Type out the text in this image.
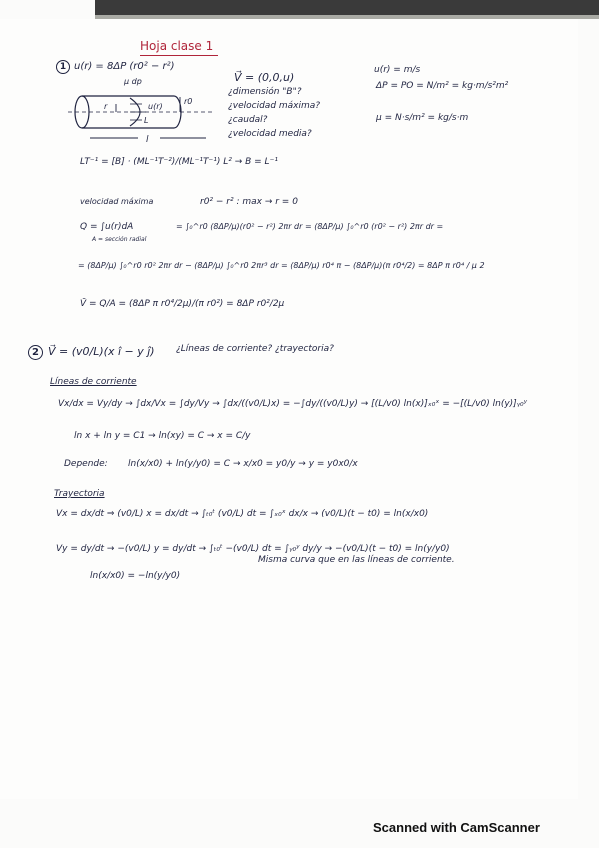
Hoja clase 1
1 u(r) = 8ΔP (r0² − r²)
μ dp
r	u(r)
r0
L
l
V⃗ = (0,0,u)
¿dimensión "B"?
¿velocidad máxima?
¿caudal?
¿velocidad media?
u(r) = m/s
ΔP = PO = N/m² = kg·m/s²m²
μ = N·s/m² = kg/s·m
LT⁻¹ = [B] · (ML⁻¹T⁻²)/(ML⁻¹T⁻¹) L² → B = L⁻¹
velocidad máxima	r0² − r² : max → r = 0
Q = ∫u(r)dA
A = sección radial
= ∫₀^r0 (8ΔP/μ)(r0² − r²) 2πr dr = (8ΔP/μ) ∫₀^r0 (r0² − r²) 2πr dr =
= (8ΔP/μ) ∫₀^r0 r0² 2πr dr − (8ΔP/μ) ∫₀^r0 2πr³ dr = (8ΔP/μ) r0⁴ π − (8ΔP/μ)(π r0⁴/2) = 8ΔP π r0⁴ / μ 2
V̄ = Q/A = (8ΔP π r0⁴/2μ)/(π r0²) = 8ΔP r0²/2μ
2 V⃗ = (v0/L)(x î − y ĵ) ¿Líneas de corriente? ¿trayectoria?
Líneas de corriente
Vx/dx = Vy/dy → ∫dx/Vx = ∫dy/Vy → ∫dx/((v0/L)x) = −∫dy/((v0/L)y) → [(L/v0) ln(x)]ₓ₀ˣ = −[(L/v0) ln(y)]ᵧ₀ʸ
ln x + ln y = C1 → ln(xy) = C → x = C/y
Depende: ln(x/x0) + ln(y/y0) = C → x/x0 = y0/y → y = y0x0/x
Trayectoria
Vx = dx/dt ⇒ (v0/L) x = dx/dt → ∫ₜ₀ᵗ (v0/L) dt = ∫ₓ₀ˣ dx/x → (v0/L)(t − t0) = ln(x/x0)
Vy = dy/dt → −(v0/L) y = dy/dt → ∫ₜ₀ᵗ −(v0/L) dt = ∫ᵧ₀ʸ dy/y → −(v0/L)(t − t0) = ln(y/y0)
ln(x/x0) = −ln(y/y0)
Misma curva que en las líneas de corriente.
Scanned with CamScanner
